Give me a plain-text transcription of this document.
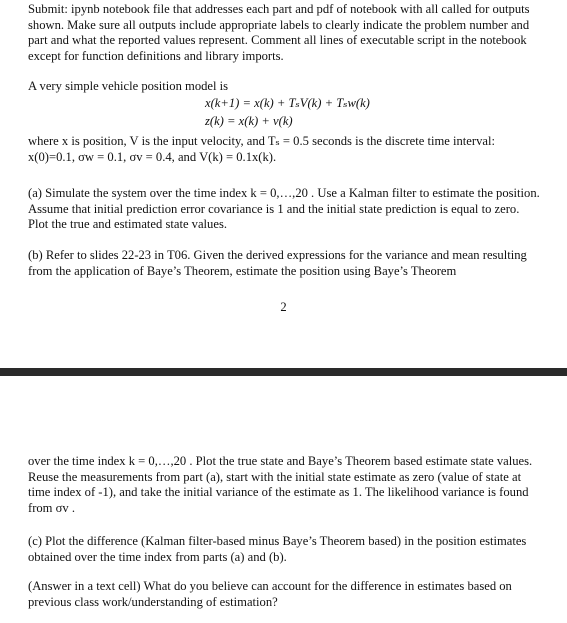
Submit: ipynb notebook file that addresses each part and pdf of notebook with all called for outputs shown. Make sure all outputs include appropriate labels to clearly indicate the problem number and part and what the reported values represent. Comment all lines of executable script in the notebook except for function definitions and library imports.

A very simple vehicle position model is

x(k+1) = x(k) + TₛV(k) + Tₛw(k)
z(k) = x(k) + v(k)

where x is position, V is the input velocity, and Tₛ = 0.5 seconds is the discrete time interval:

x(0)=0.1, σw = 0.1, σv = 0.4, and V(k) = 0.1x(k).

(a) Simulate the system over the time index k = 0,…,20 . Use a Kalman filter to estimate the position. Assume that initial prediction error covariance is 1 and the initial state prediction is equal to zero. Plot the true and estimated state values.

(b) Refer to slides 22-23 in T06. Given the derived expressions for the variance and mean resulting from the application of Baye’s Theorem, estimate the position using Baye’s Theorem

2

over the time index k = 0,…,20 . Plot the true state and Baye’s Theorem based estimate state values. Reuse the measurements from part (a), start with the initial state estimate as zero (value of state at time index of -1), and take the initial variance of the estimate as 1. The likelihood variance is found from σv .

(c) Plot the difference (Kalman filter-based minus Baye’s Theorem based) in the position estimates obtained over the time index from parts (a) and (b).

(Answer in a text cell) What do you believe can account for the difference in estimates based on previous class work/understanding of estimation?
